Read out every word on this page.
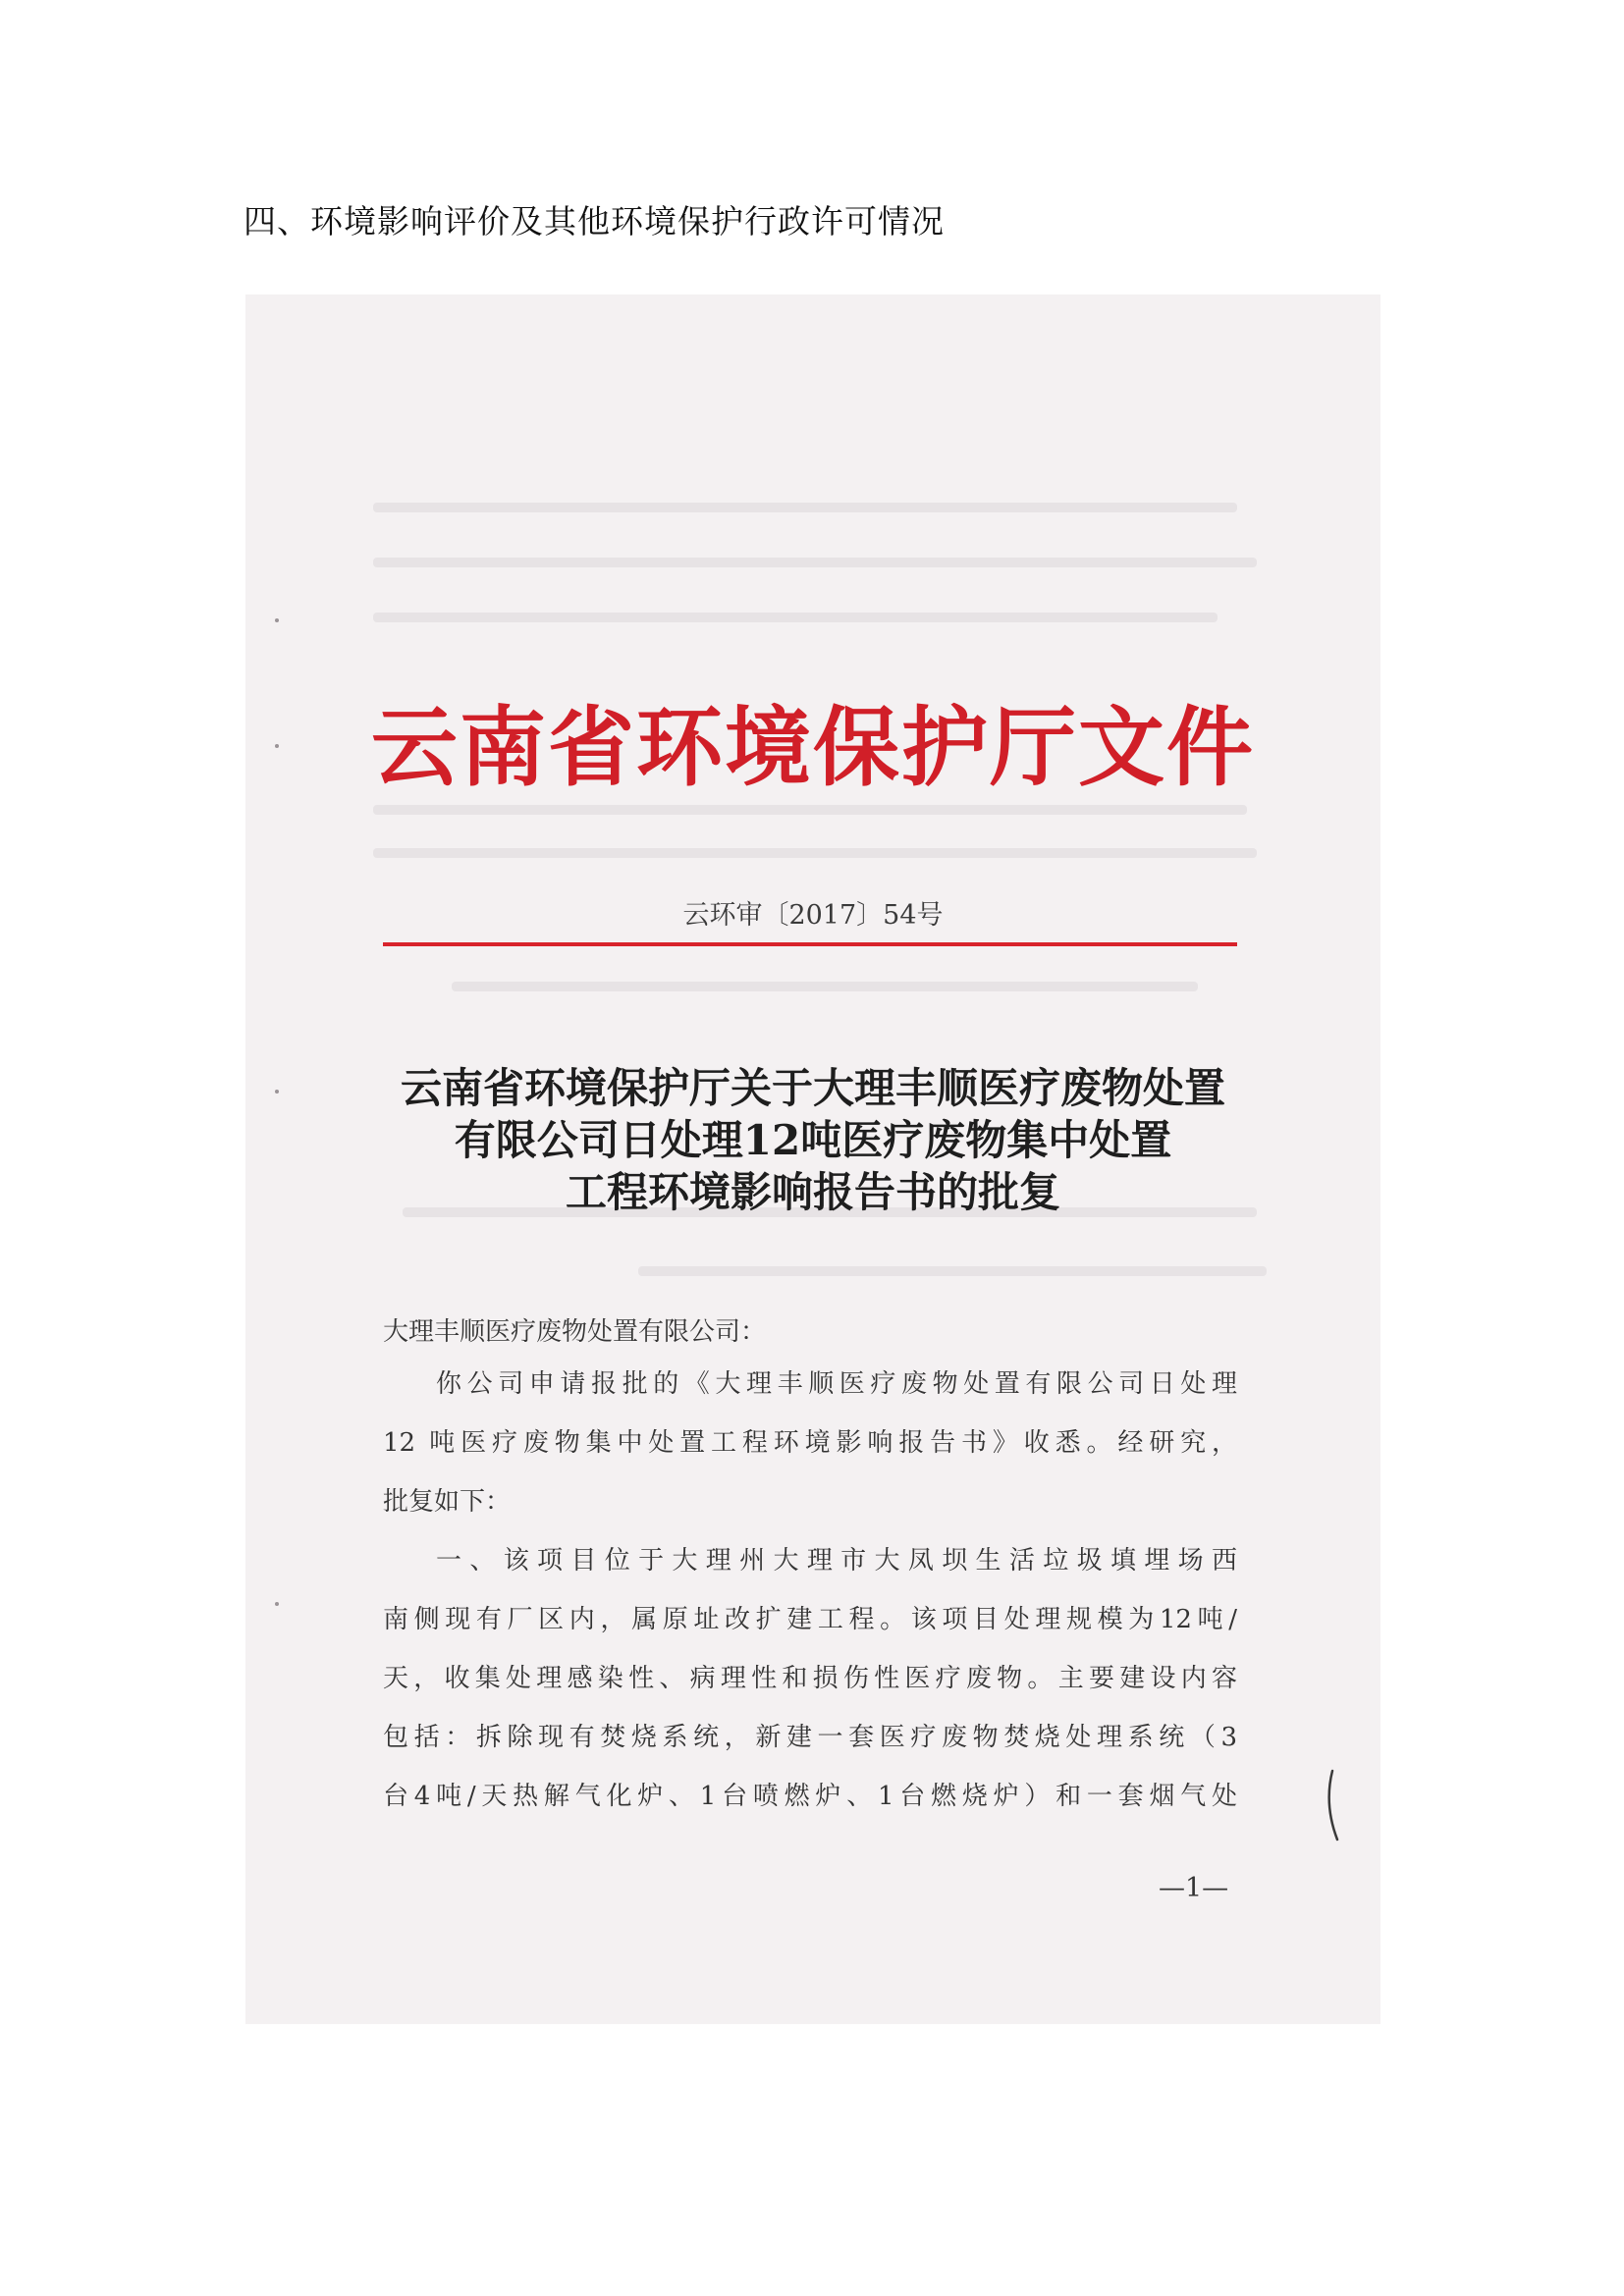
四、环境影响评价及其他环境保护行政许可情况
云南省环境保护厅文件
云环审〔2017〕54号
云南省环境保护厅关于大理丰顺医疗废物处置
有限公司日处理12吨医疗废物集中处置
工程环境影响报告书的批复
大理丰顺医疗废物处置有限公司：
你公司申请报批的《大理丰顺医疗废物处置有限公司日处理
12 吨医疗废物集中处置工程环境影响报告书》收悉。经研究，
批复如下：
一、该项目位于大理州大理市大凤坝生活垃圾填埋场西
南侧现有厂区内，属原址改扩建工程。该项目处理规模为12吨/
天，收集处理感染性、病理性和损伤性医疗废物。主要建设内容
包括：拆除现有焚烧系统，新建一套医疗废物焚烧处理系统（3
台4吨/天热解气化炉、1台喷燃炉、1台燃烧炉）和一套烟气处
—1—
